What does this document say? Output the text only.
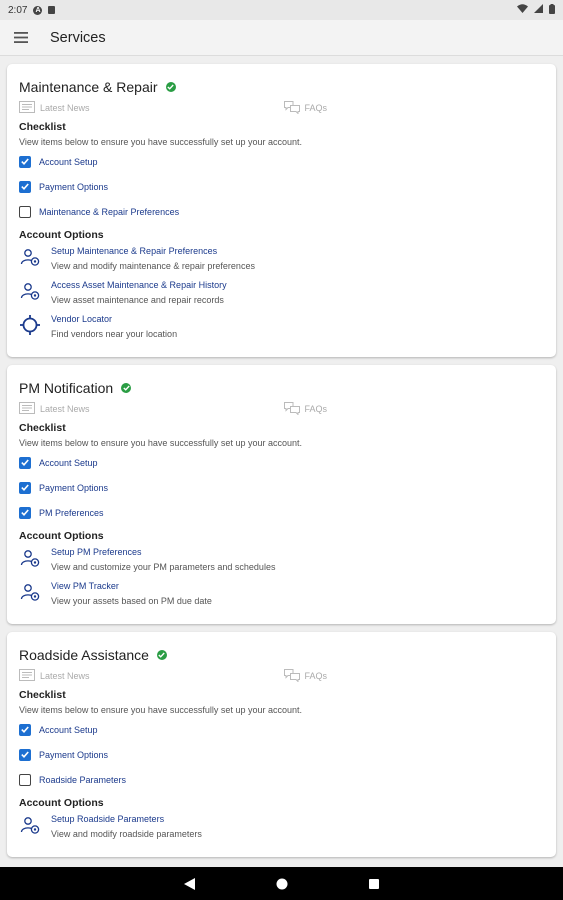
2:07 A
Services
Maintenance & Repair
Latest News	FAQs
Checklist
View items below to ensure you have successfully set up your account.
Account Setup
Payment Options
Maintenance & Repair Preferences
Account Options
Setup Maintenance & Repair Preferences
View and modify maintenance & repair preferences
Access Asset Maintenance & Repair History
View asset maintenance and repair records
Vendor Locator
Find vendors near your location
PM Notification
Latest News	FAQs
Checklist
View items below to ensure you have successfully set up your account.
Account Setup
Payment Options
PM Preferences
Account Options
Setup PM Preferences
View and customize your PM parameters and schedules
View PM Tracker
View your assets based on PM due date
Roadside Assistance
Latest News	FAQs
Checklist
View items below to ensure you have successfully set up your account.
Account Setup
Payment Options
Roadside Parameters
Account Options
Setup Roadside Parameters
View and modify roadside parameters
